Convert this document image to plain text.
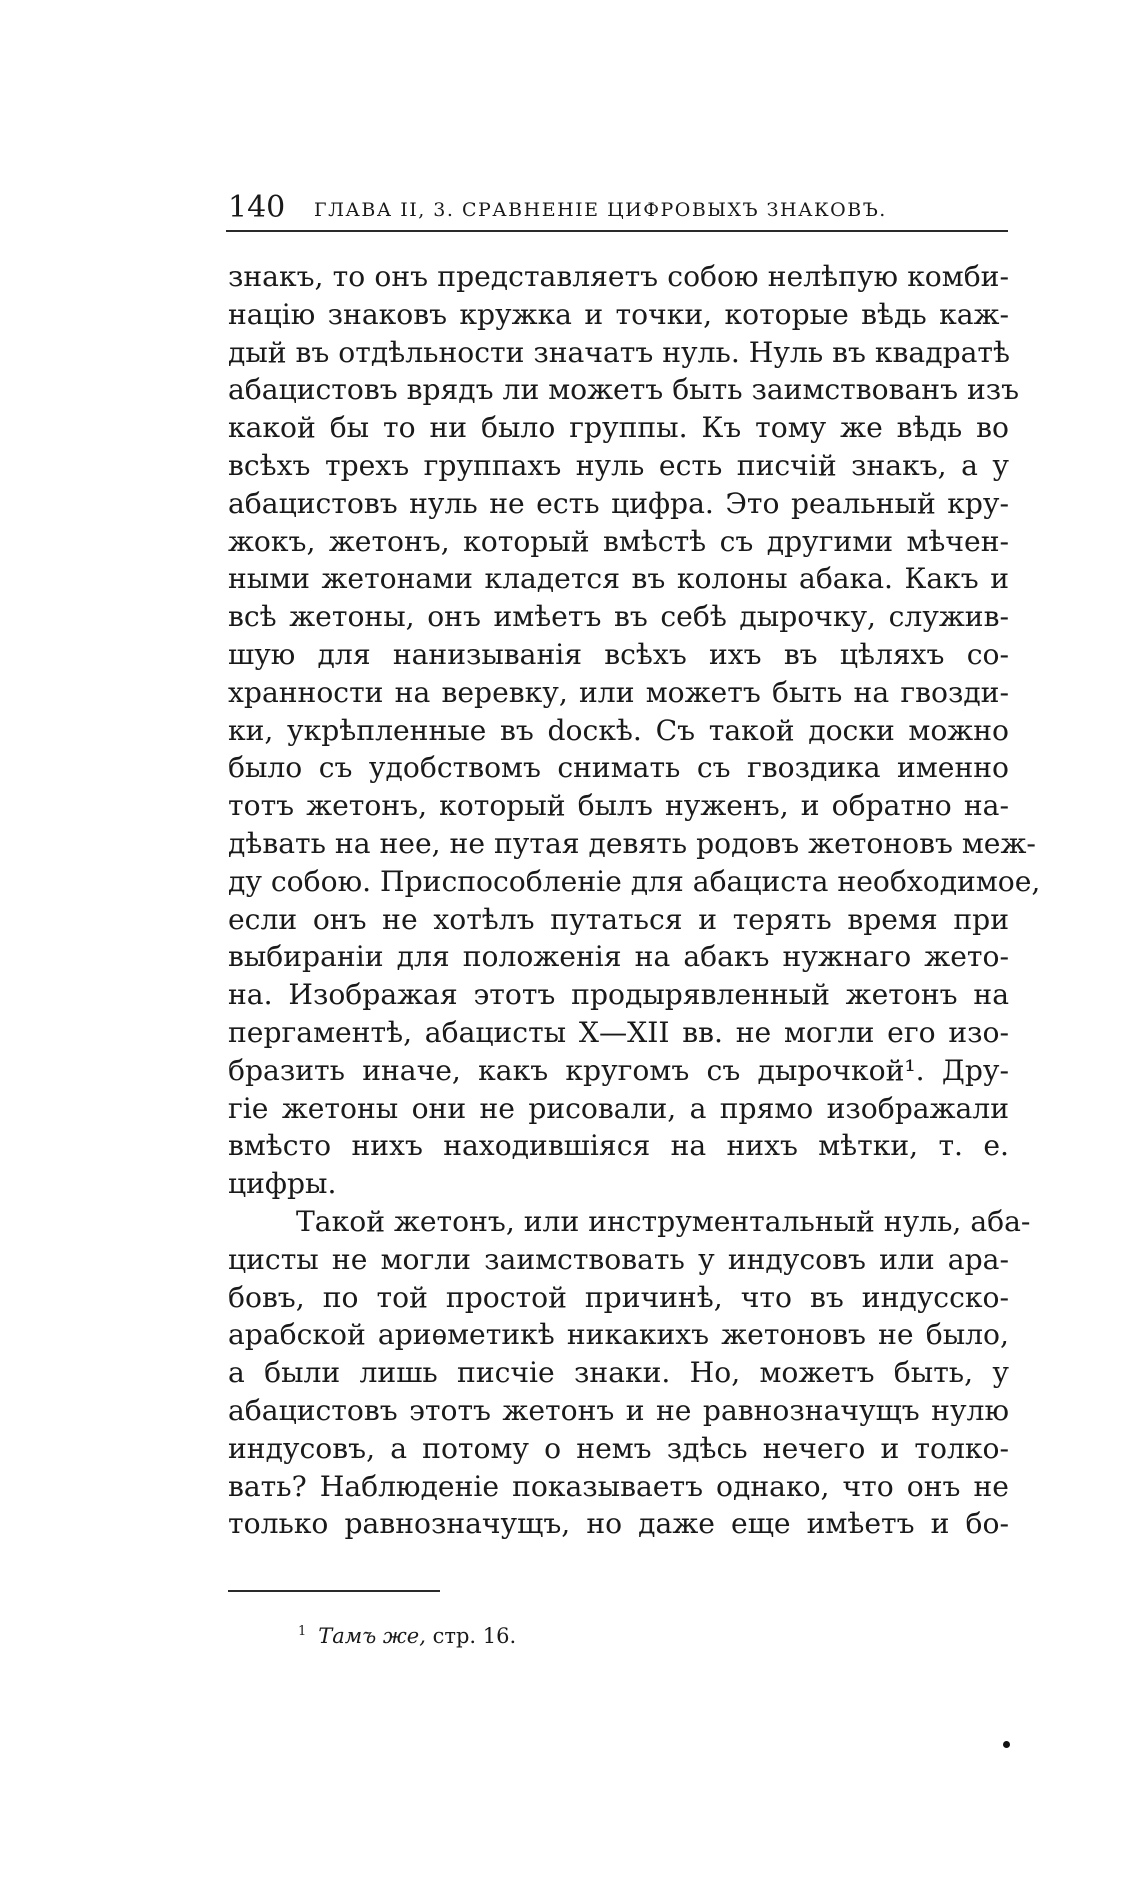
140 ГЛАВА II, 3. СРАВНЕНІЕ ЦИФРОВЫХЪ ЗНАКОВЪ.
знакъ, то онъ представляетъ собою нелѣпую комби-
націю знаковъ кружка и точки, которые вѣдь каж-
дый въ отдѣльности значатъ нуль. Нуль въ квадратѣ
абацистовъ врядъ ли можетъ быть заимствованъ изъ
какой бы то ни было группы. Къ тому же вѣдь во
всѣхъ трехъ группахъ нуль есть писчій знакъ, а у
абацистовъ нуль не есть цифра. Это реальный кру-
жокъ, жетонъ, который вмѣстѣ съ другими мѣчен-
ными жетонами кладется въ колоны абака. Какъ и
всѣ жетоны, онъ имѣетъ въ себѣ дырочку, служив-
шую для нанизыванія всѣхъ ихъ въ цѣляхъ со-
хранности на веревку, или можетъ быть на гвозди-
ки, укрѣпленные въ doскѣ. Съ такой доски можно
было съ удобствомъ снимать съ гвоздика именно
тотъ жетонъ, который былъ нуженъ, и обратно на-
дѣвать на нее, не путая девять родовъ жетоновъ меж-
ду собою. Приспособленіе для абациста необходимое,
если онъ не хотѣлъ путаться и терять время при
выбираніи для положенія на абакъ нужнаго жето-
на. Изображая этотъ продырявленный жетонъ на
пергаментѣ, абацисты X—XII вв. не могли его изо-
бразить иначе, какъ кругомъ съ дырочкой¹. Дру-
гіе жетоны они не рисовали, а прямо изображали
вмѣсто нихъ находившіяся на нихъ мѣтки, т. е.
цифры.
Такой жетонъ, или инструментальный нуль, аба-
цисты не могли заимствовать у индусовъ или ара-
бовъ, по той простой причинѣ, что въ индусско-
арабской ариѳметикѣ никакихъ жетоновъ не было,
а были лишь писчіе знаки. Но, можетъ быть, у
абацистовъ этотъ жетонъ и не равнозначущъ нулю
индусовъ, а потому о немъ здѣсь нечего и толко-
вать? Наблюденіе показываетъ однако, что онъ не
только равнозначущъ, но даже еще имѣетъ и бо-
$^1$ Тамъ же, стр. 16.
